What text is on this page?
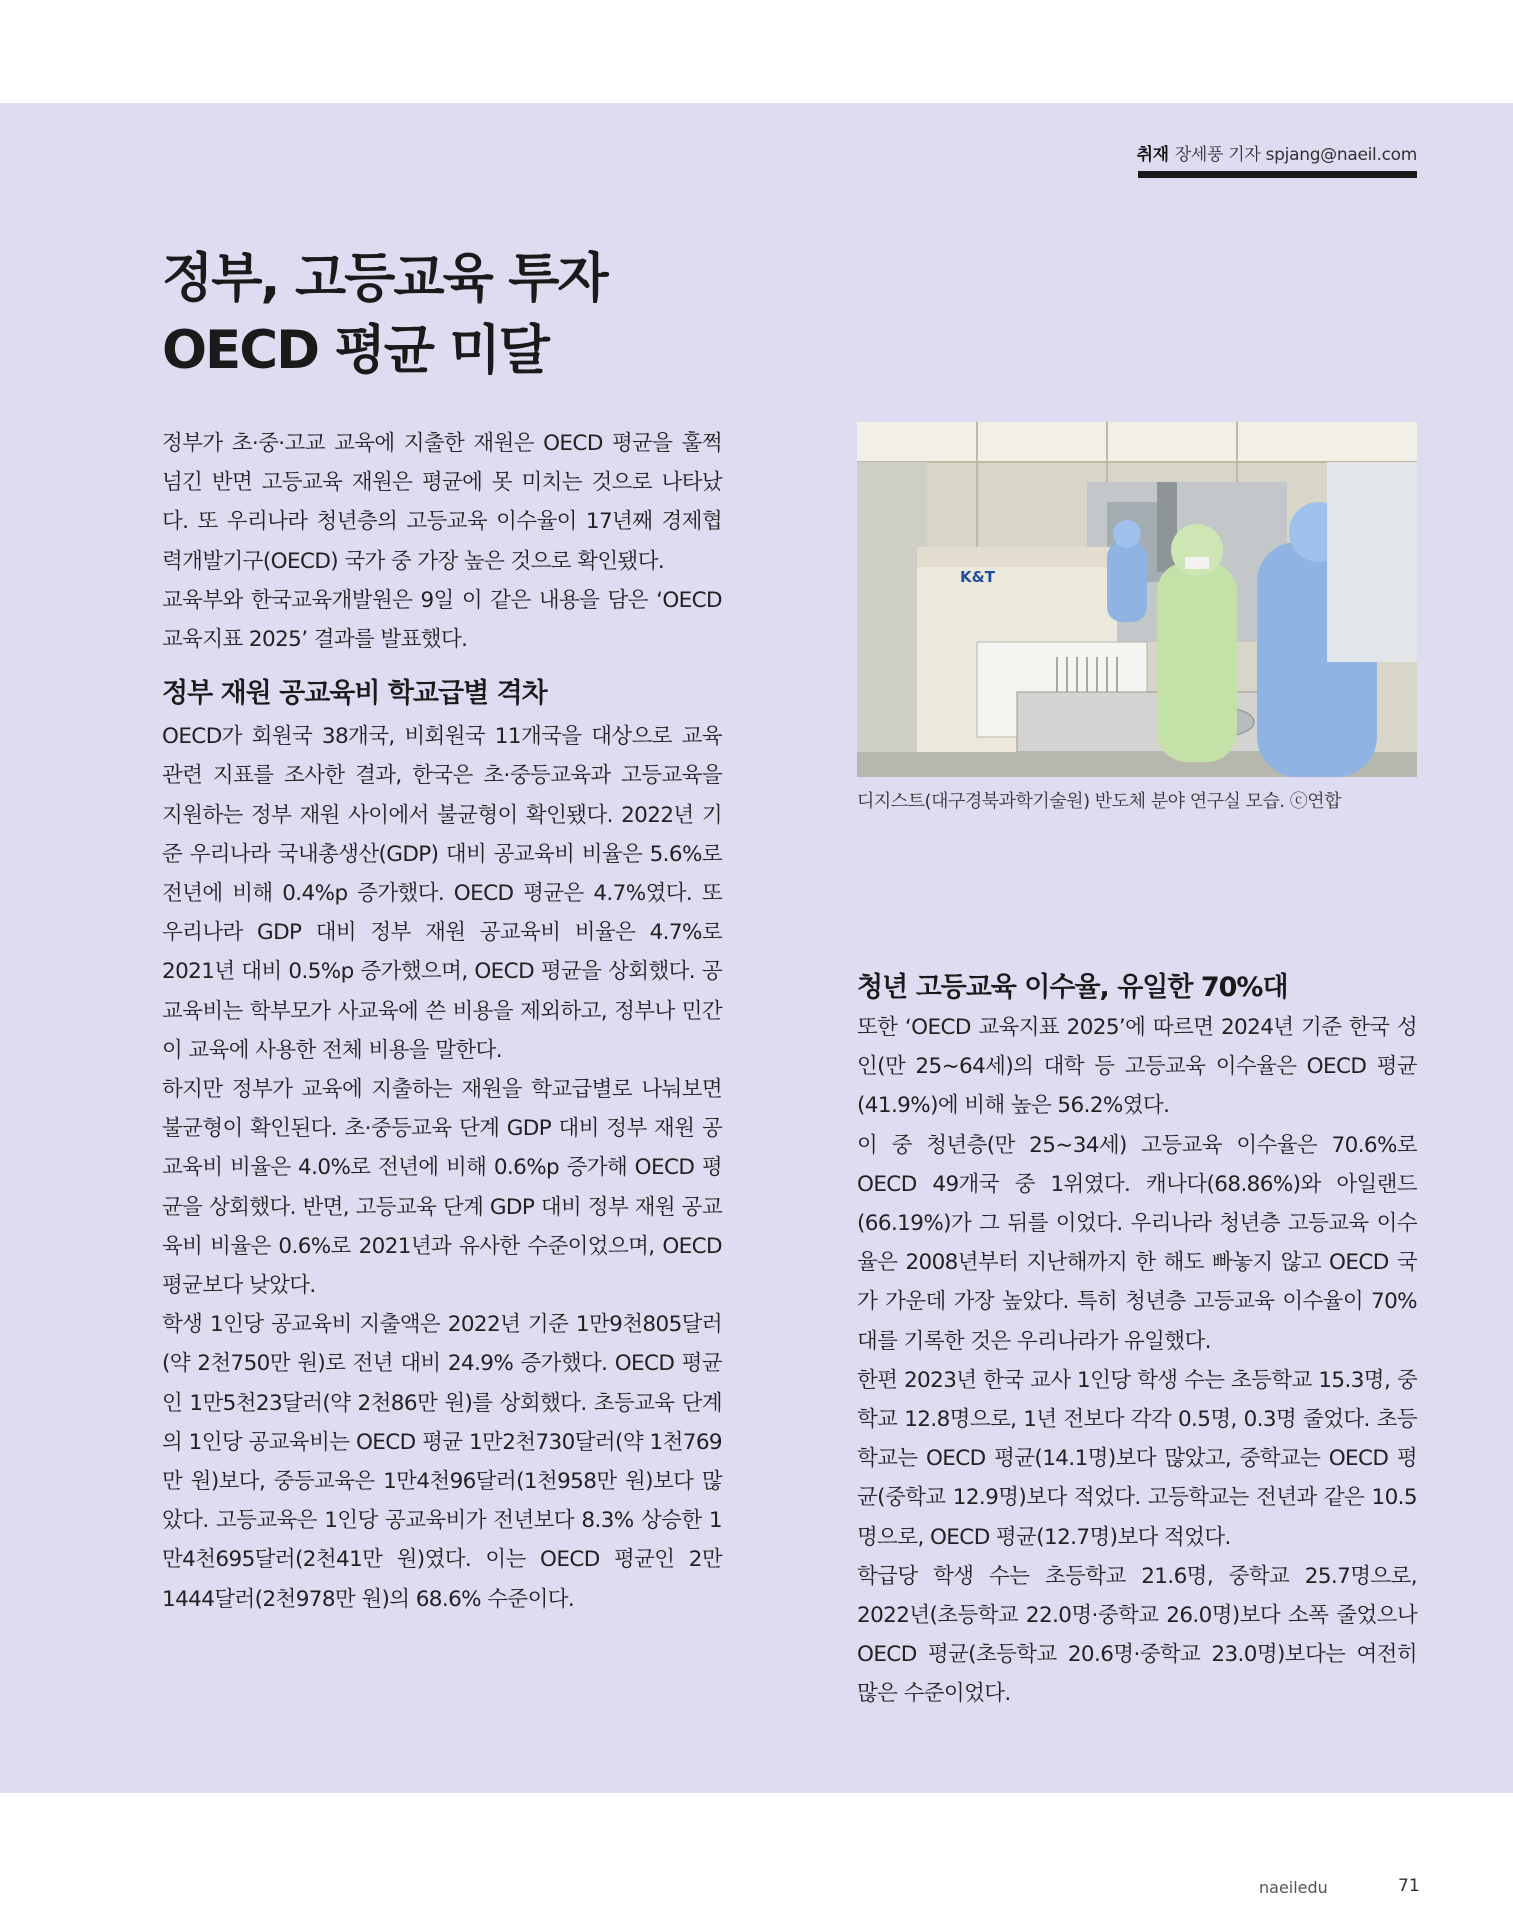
취재 장세풍 기자 spjang@naeil.com
정부, 고등교육 투자
OECD 평균 미달

정부가 초·중·고교 교육에 지출한 재원은 OECD 평균을 훌쩍 넘긴 반면 고등교육 재원은 평균에 못 미치는 것으로 나타났다. 또 우리나라 청년층의 고등교육 이수율이 17년째 경제협력개발기구(OECD) 국가 중 가장 높은 것으로 확인됐다.

교육부와 한국교육개발원은 9일 이 같은 내용을 담은 ‘OECD 교육지표 2025’ 결과를 발표했다.

정부 재원 공교육비 학교급별 격차

OECD가 회원국 38개국, 비회원국 11개국을 대상으로 교육 관련 지표를 조사한 결과, 한국은 초·중등교육과 고등교육을 지원하는 정부 재원 사이에서 불균형이 확인됐다. 2022년 기준 우리나라 국내총생산(GDP) 대비 공교육비 비율은 5.6%로 전년에 비해 0.4%p 증가했다. OECD 평균은 4.7%였다. 또 우리나라 GDP 대비 정부 재원 공교육비 비율은 4.7%로 2021년 대비 0.5%p 증가했으며, OECD 평균을 상회했다. 공교육비는 학부모가 사교육에 쓴 비용을 제외하고, 정부나 민간이 교육에 사용한 전체 비용을 말한다.

하지만 정부가 교육에 지출하는 재원을 학교급별로 나눠보면 불균형이 확인된다. 초·중등교육 단계 GDP 대비 정부 재원 공교육비 비율은 4.0%로 전년에 비해 0.6%p 증가해 OECD 평균을 상회했다. 반면, 고등교육 단계 GDP 대비 정부 재원 공교육비 비율은 0.6%로 2021년과 유사한 수준이었으며, OECD 평균보다 낮았다.

학생 1인당 공교육비 지출액은 2022년 기준 1만9천805달러(약 2천750만 원)로 전년 대비 24.9% 증가했다. OECD 평균인 1만5천23달러(약 2천86만 원)를 상회했다. 초등교육 단계의 1인당 공교육비는 OECD 평균 1만2천730달러(약 1천769만 원)보다, 중등교육은 1만4천96달러(1천958만 원)보다 많았다. 고등교육은 1인당 공교육비가 전년보다 8.3% 상승한 1만4천695달러(2천41만 원)였다. 이는 OECD 평균인 2만1444달러(2천978만 원)의 68.6% 수준이다.

K&T
디지스트(대구경북과학기술원) 반도체 분야 연구실 모습. ⓒ연합
청년 고등교육 이수율, 유일한 70%대

또한 ‘OECD 교육지표 2025’에 따르면 2024년 기준 한국 성인(만 25∼64세)의 대학 등 고등교육 이수율은 OECD 평균(41.9%)에 비해 높은 56.2%였다.

이 중 청년층(만 25∼34세) 고등교육 이수율은 70.6%로 OECD 49개국 중 1위였다. 캐나다(68.86%)와 아일랜드(66.19%)가 그 뒤를 이었다. 우리나라 청년층 고등교육 이수율은 2008년부터 지난해까지 한 해도 빠놓지 않고 OECD 국가 가운데 가장 높았다. 특히 청년층 고등교육 이수율이 70%대를 기록한 것은 우리나라가 유일했다.

한편 2023년 한국 교사 1인당 학생 수는 초등학교 15.3명, 중학교 12.8명으로, 1년 전보다 각각 0.5명, 0.3명 줄었다. 초등학교는 OECD 평균(14.1명)보다 많았고, 중학교는 OECD 평균(중학교 12.9명)보다 적었다. 고등학교는 전년과 같은 10.5명으로, OECD 평균(12.7명)보다 적었다.

학급당 학생 수는 초등학교 21.6명, 중학교 25.7명으로, 2022년(초등학교 22.0명·중학교 26.0명)보다 소폭 줄었으나 OECD 평균(초등학교 20.6명·중학교 23.0명)보다는 여전히 많은 수준이었다.

naeiledu	71
